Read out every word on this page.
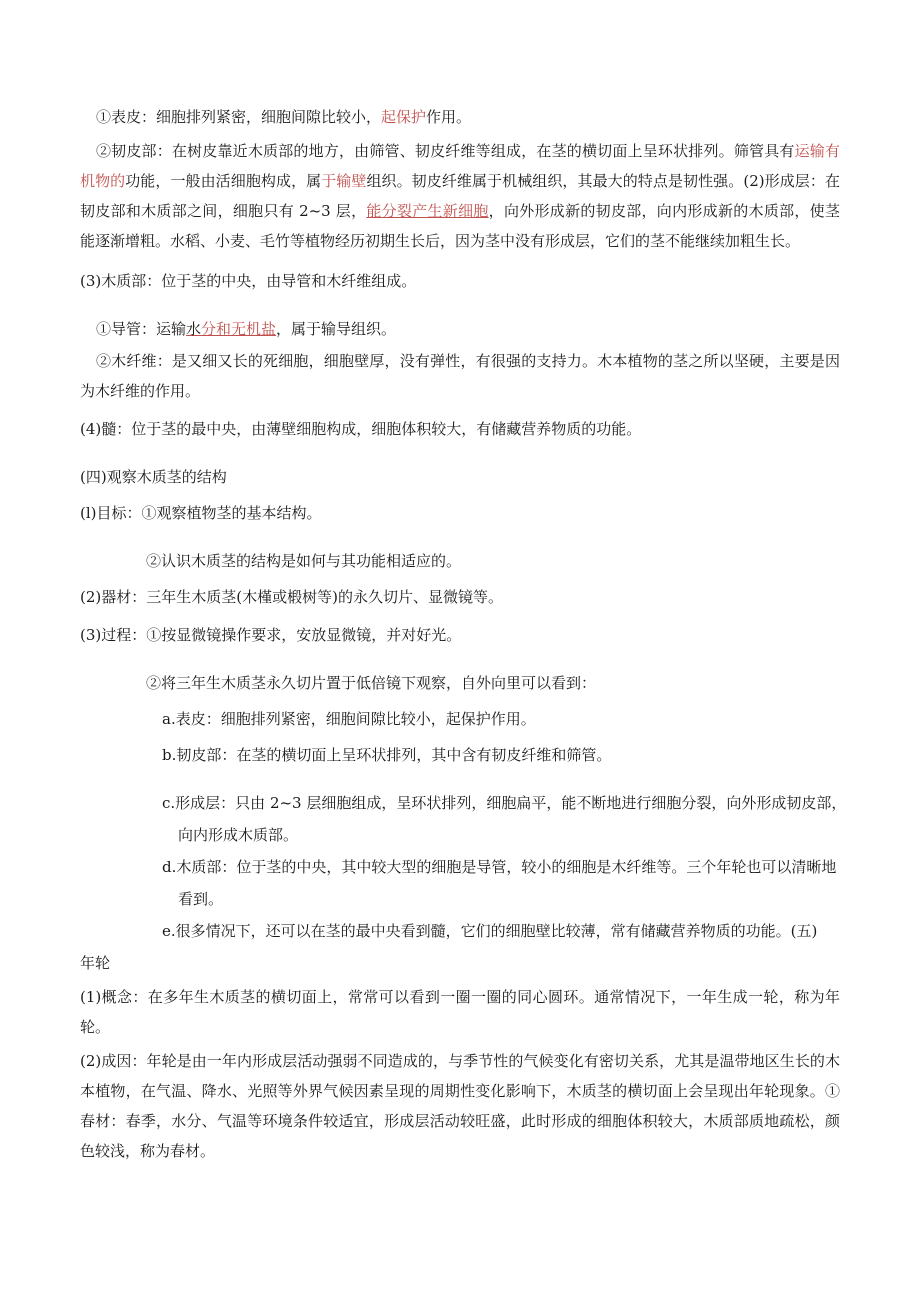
①表皮：细胞排列紧密，细胞间隙比较小，起保护作用。
②韧皮部：在树皮靠近木质部的地方，由筛管、韧皮纤维等组成，在茎的横切面上呈环状排列。筛管具有运输有机物的功能，一般由活细胞构成，属于输壁组织。韧皮纤维属于机械组织，其最大的特点是韧性强。(2)形成层：在韧皮部和木质部之间，细胞只有 2~3 层，能分裂产生新细胞，向外形成新的韧皮部，向内形成新的木质部，使茎能逐渐增粗。水稻、小麦、毛竹等植物经历初期生长后，因为茎中没有形成层，它们的茎不能继续加粗生长。
(3)木质部：位于茎的中央，由导管和木纤维组成。
①导管：运输水分和无机盐，属于输导组织。
②木纤维：是又细又长的死细胞，细胞壁厚，没有弹性，有很强的支持力。木本植物的茎之所以坚硬，主要是因为木纤维的作用。
(4)髓：位于茎的最中央，由薄壁细胞构成，细胞体积较大，有储藏营养物质的功能。
(四)观察木质茎的结构
(l)目标：①观察植物茎的基本结构。
②认识木质茎的结构是如何与其功能相适应的。
(2)器材：三年生木质茎(木槿或椴树等)的永久切片、显微镜等。
(3)过程：①按显微镜操作要求，安放显微镜，并对好光。
②将三年生木质茎永久切片置于低倍镜下观察，自外向里可以看到：
a.表皮：细胞排列紧密，细胞间隙比较小，起保护作用。
b.韧皮部：在茎的横切面上呈环状排列，其中含有韧皮纤维和筛管。
c.形成层：只由 2~3 层细胞组成，呈环状排列，细胞扁平，能不断地进行细胞分裂，向外形成韧皮部，
向内形成木质部。
d.木质部：位于茎的中央，其中较大型的细胞是导管，较小的细胞是木纤维等。三个年轮也可以清晰地
看到。
e.很多情况下，还可以在茎的最中央看到髓，它们的细胞壁比较薄，常有储藏营养物质的功能。(五)
年轮
(1)概念：在多年生木质茎的横切面上，常常可以看到一圈一圈的同心圆环。通常情况下，一年生成一轮，称为年轮。
(2)成因：年轮是由一年内形成层活动强弱不同造成的，与季节性的气候变化有密切关系，尤其是温带地区生长的木本植物，在气温、降水、光照等外界气候因素呈现的周期性变化影响下，木质茎的横切面上会呈现出年轮现象。①春材：春季，水分、气温等环境条件较适宜，形成层活动较旺盛，此时形成的细胞体积较大，木质部质地疏松，颜色较浅，称为春材。
